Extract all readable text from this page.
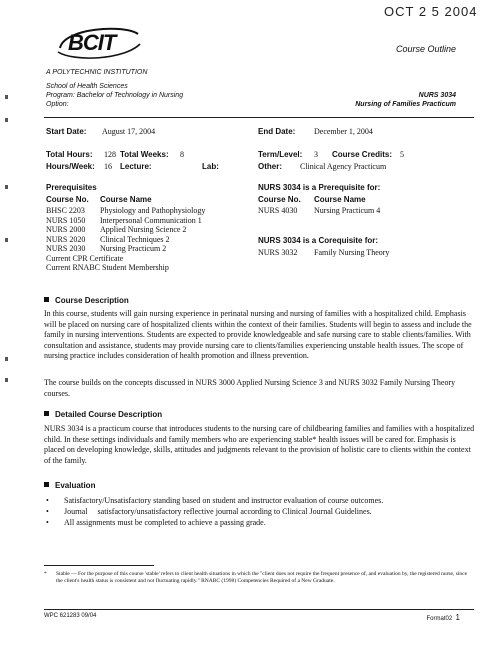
OCT 2 5 2004
BCIT
A POLYTECHNIC INSTITUTION
Course Outline
School of Health Sciences
Program: Bachelor of Technology in Nursing
Option:
NURS 3034
Nursing of Families Practicum
Start Date: August 17, 2004	End Date: December 1, 2004
Total Hours: 128 Total Weeks: 8	Term/Level: 3 Course Credits: 5
Hours/Week: 16 Lecture:	Lab:	Other: Clinical Agency Practicum
Prerequisites
Course No. Course Name
BHSC 2203 Physiology and Pathophysiology
NURS 1050 Interpersonal Communication 1
NURS 2000 Applied Nursing Science 2
NURS 2020 Clinical Techniques 2
NURS 2030 Nursing Practicum 2
Current CPR Certificate
Current RNABC Student Membership
NURS 3034 is a Prerequisite for:
Course No. Course Name
NURS 4030 Nursing Practicum 4
NURS 3034 is a Corequisite for:
NURS 3032 Family Nursing Theory
Course Description
In this course, students will gain nursing experience in perinatal nursing and nursing of families with a hospitalized child. Emphasis will be placed on nursing care of hospitalized clients within the context of their families. Students will begin to assess and include the family in nursing interventions. Students are expected to provide knowledgeable and safe nursing care to stable clients/families. With consultation and assistance, students may provide nursing care to clients/families experiencing unstable health issues. The scope of nursing practice includes consideration of health promotion and illness prevention.
The course builds on the concepts discussed in NURS 3000 Applied Nursing Science 3 and NURS 3032 Family Nursing Theory courses.
Detailed Course Description
NURS 3034 is a practicum course that introduces students to the nursing care of childbearing families and families with a hospitalized child. In these settings individuals and family members who are experiencing stable* health issues will be cared for. Emphasis is placed on developing knowledge, skills, attitudes and judgments relevant to the provision of holistic care to clients within the context of the family.
Evaluation
• Satisfactory/Unsatisfactory standing based on student and instructor evaluation of course outcomes.
• Journal     satisfactory/unsatisfactory reflective journal according to Clinical Journal Guidelines.
• All assignments must be completed to achieve a passing grade.
* Stable — For the purpose of this course 'stable' refers to client health situations in which the "client does not require the frequent presence of, and evaluation by, the registered nurse, since the client's health status is consistent and not fluctuating rapidly." RNABC (1998) Competencies Required of a New Graduate.
WPC 621283 09/04	Format02 1
